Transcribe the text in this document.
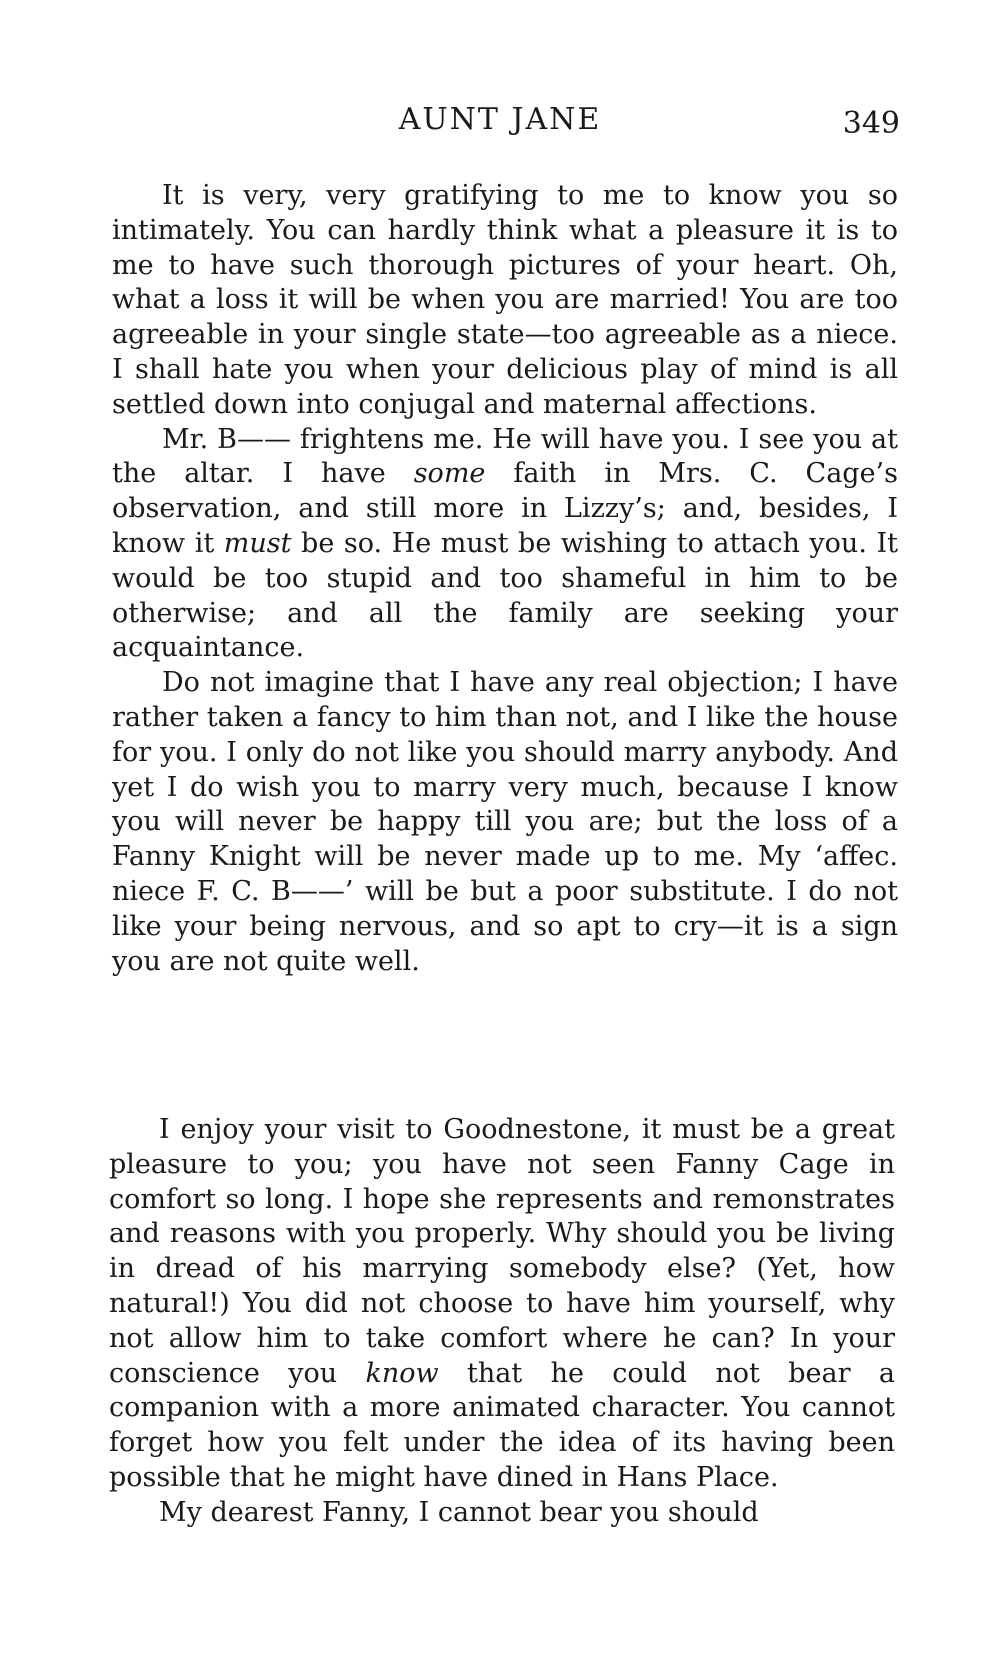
AUNT JANE	349

It is very, very gratifying to me to know you so intimately. You can hardly think what a pleasure it is to me to have such thorough pictures of your heart. Oh, what a loss it will be when you are married! You are too agreeable in your single state—too agreeable as a niece. I shall hate you when your delicious play of mind is all settled down into conjugal and maternal affections.

Mr. B—— frightens me. He will have you. I see you at the altar. I have some faith in Mrs. C. Cage’s observation, and still more in Lizzy’s; and, besides, I know it must be so. He must be wishing to attach you. It would be too stupid and too shameful in him to be otherwise; and all the family are seeking your acquaintance.

Do not imagine that I have any real objection; I have rather taken a fancy to him than not, and I like the house for you. I only do not like you should marry anybody. And yet I do wish you to marry very much, because I know you will never be happy till you are; but the loss of a Fanny Knight will be never made up to me. My ‘affec. niece F. C. B——’ will be but a poor substitute. I do not like your being nervous, and so apt to cry—it is a sign you are not quite well.

I enjoy your visit to Goodnestone, it must be a great pleasure to you; you have not seen Fanny Cage in comfort so long. I hope she represents and remonstrates and reasons with you properly. Why should you be living in dread of his marrying somebody else? (Yet, how natural!) You did not choose to have him yourself, why not allow him to take comfort where he can? In your conscience you know that he could not bear a companion with a more animated character. You cannot forget how you felt under the idea of its having been possible that he might have dined in Hans Place.

My dearest Fanny, I cannot bear you should
